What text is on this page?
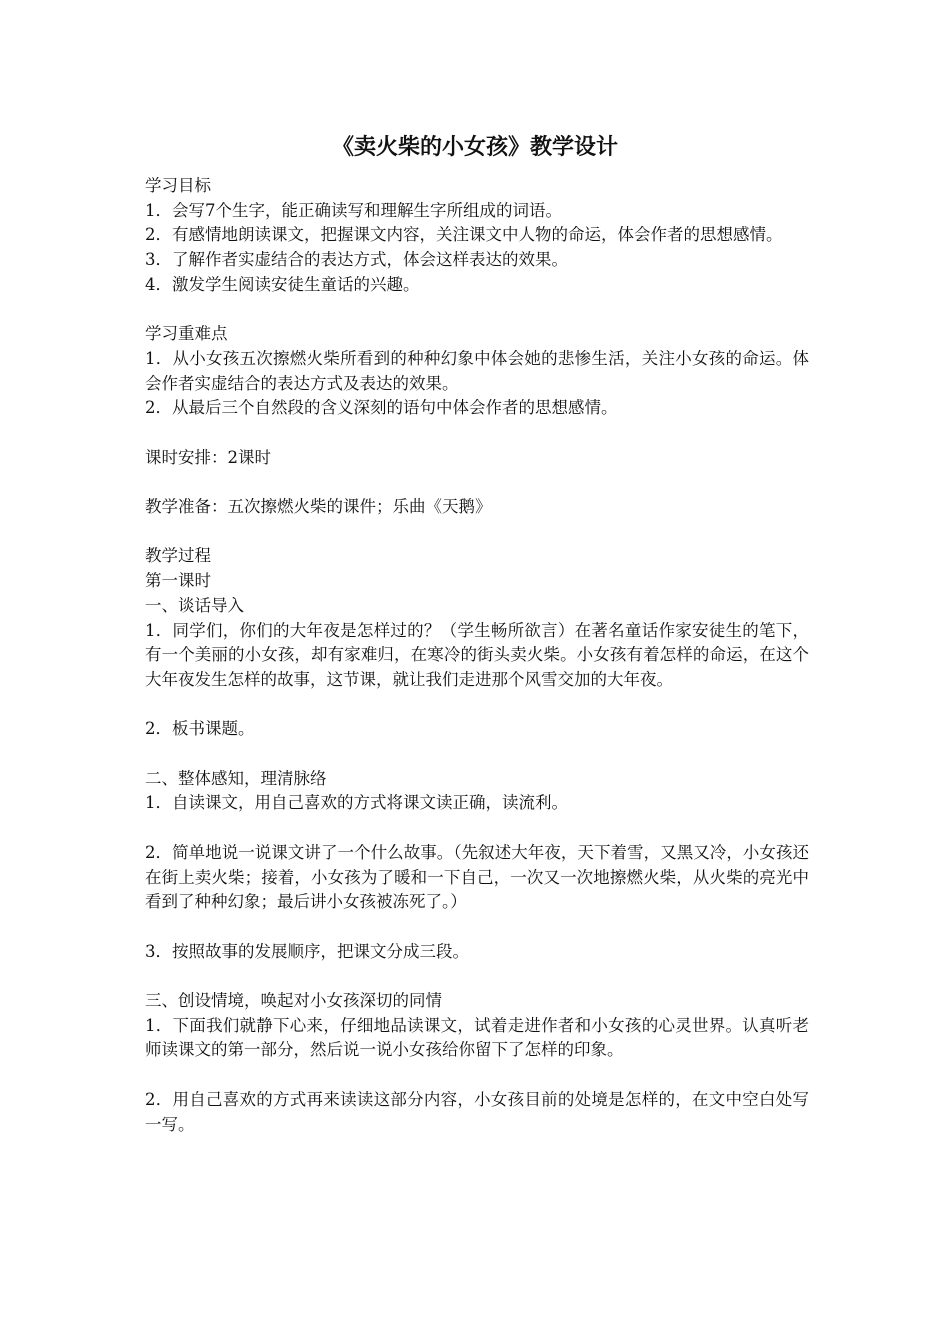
《卖火柴的小女孩》教学设计

学习目标

1．会写7个生字，能正确读写和理解生字所组成的词语。

2．有感情地朗读课文，把握课文内容，关注课文中人物的命运，体会作者的思想感情。

3．了解作者实虚结合的表达方式，体会这样表达的效果。

4．激发学生阅读安徒生童话的兴趣。

学习重难点

1．从小女孩五次擦燃火柴所看到的种种幻象中体会她的悲惨生活，关注小女孩的命运。体会作者实虚结合的表达方式及表达的效果。

2．从最后三个自然段的含义深刻的语句中体会作者的思想感情。

课时安排：2课时

教学准备：五次擦燃火柴的课件；乐曲《天鹅》

教学过程

第一课时

一、谈话导入

1．同学们，你们的大年夜是怎样过的？（学生畅所欲言）在著名童话作家安徒生的笔下，有一个美丽的小女孩，却有家难归，在寒冷的街头卖火柴。小女孩有着怎样的命运，在这个大年夜发生怎样的故事，这节课，就让我们走进那个风雪交加的大年夜。

2．板书课题。

二、整体感知，理清脉络

1．自读课文，用自己喜欢的方式将课文读正确，读流利。

2．简单地说一说课文讲了一个什么故事。（先叙述大年夜，天下着雪，又黑又冷，小女孩还在街上卖火柴；接着，小女孩为了暖和一下自己，一次又一次地擦燃火柴，从火柴的亮光中看到了种种幻象；最后讲小女孩被冻死了。）

3．按照故事的发展顺序，把课文分成三段。

三、创设情境，唤起对小女孩深切的同情

1．下面我们就静下心来，仔细地品读课文，试着走进作者和小女孩的心灵世界。认真听老师读课文的第一部分，然后说一说小女孩给你留下了怎样的印象。

2．用自己喜欢的方式再来读读这部分内容，小女孩目前的处境是怎样的，在文中空白处写一写。
